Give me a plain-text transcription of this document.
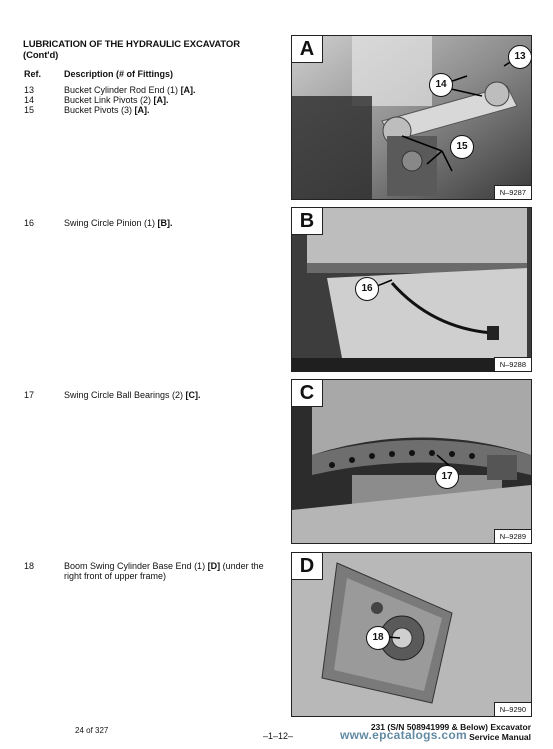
LUBRICATION OF THE HYDRAULIC EXCAVATOR
(Cont'd)
Ref.	Description (# of Fittings)
13	Bucket Cylinder Rod End (1) [A].
14	Bucket Link Pivots (2) [A].
15	Bucket Pivots (3) [A].
16	Swing Circle Pinion (1) [B].
17	Swing Circle Ball Bearings (2) [C].
18	Boom Swing Cylinder Base End (1) [D] (under the right front of upper frame)
A	13
14
15
N–9287
B
16
N–9288
C
17
N–9289
D
18
N–9290
24 of 327
–1–12–
231 (S/N 508941999 & Below) Excavator
Service Manual
www.epcatalogs.com
